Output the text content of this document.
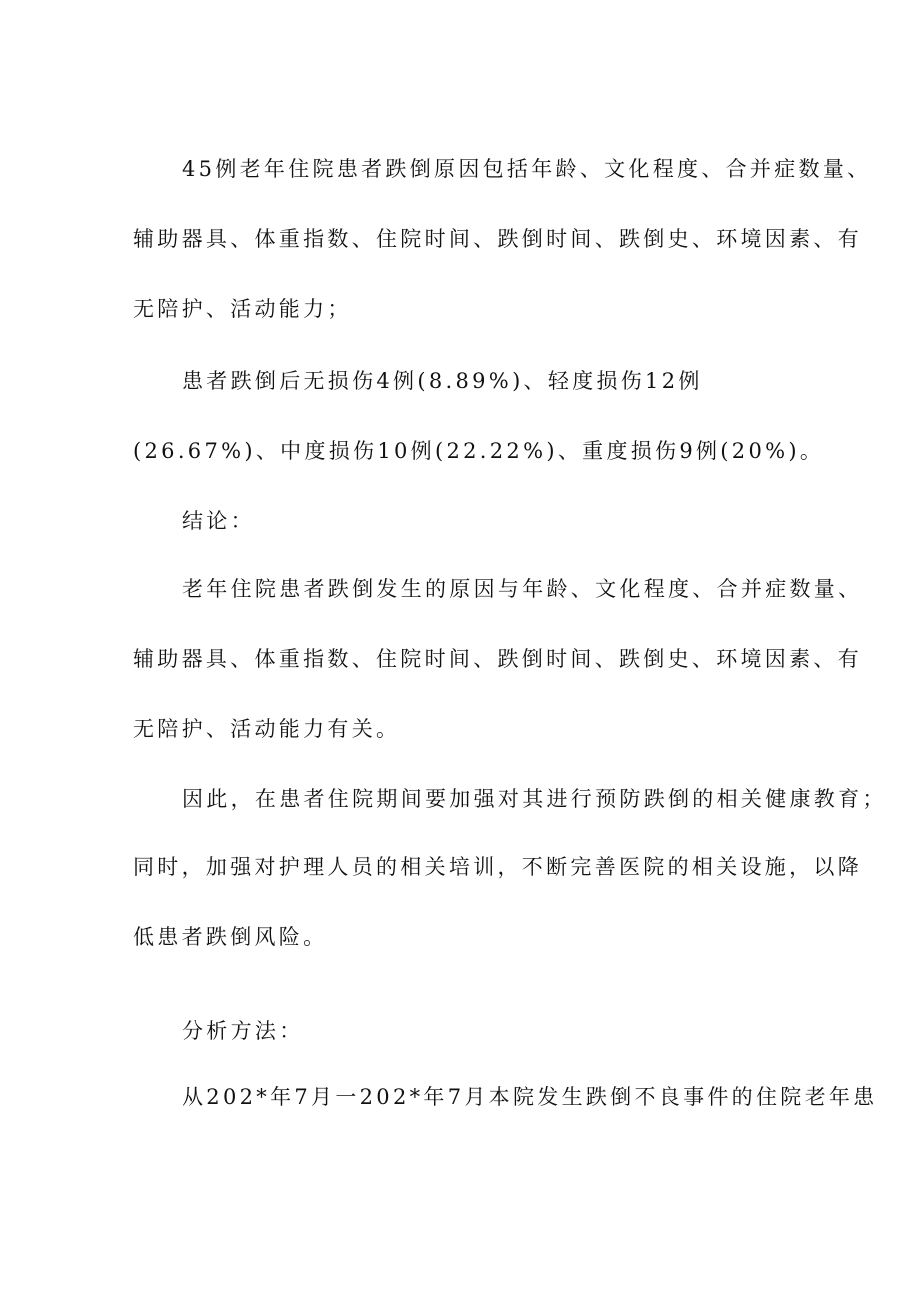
45例老年住院患者跌倒原因包括年龄、文化程度、合并症数量、
辅助器具、体重指数、住院时间、跌倒时间、跌倒史、环境因素、有
无陪护、活动能力；
患者跌倒后无损伤4例(8.89%)、轻度损伤12例
(26.67%)、中度损伤10例(22.22%)、重度损伤9例(20%)。
结论：
老年住院患者跌倒发生的原因与年龄、文化程度、合并症数量、
辅助器具、体重指数、住院时间、跌倒时间、跌倒史、环境因素、有
无陪护、活动能力有关。
因此，在患者住院期间要加强对其进行预防跌倒的相关健康教育；
同时，加强对护理人员的相关培训，不断完善医院的相关设施，以降
低患者跌倒风险。
分析方法：
从202*年7月一202*年7月本院发生跌倒不良事件的住院老年患
